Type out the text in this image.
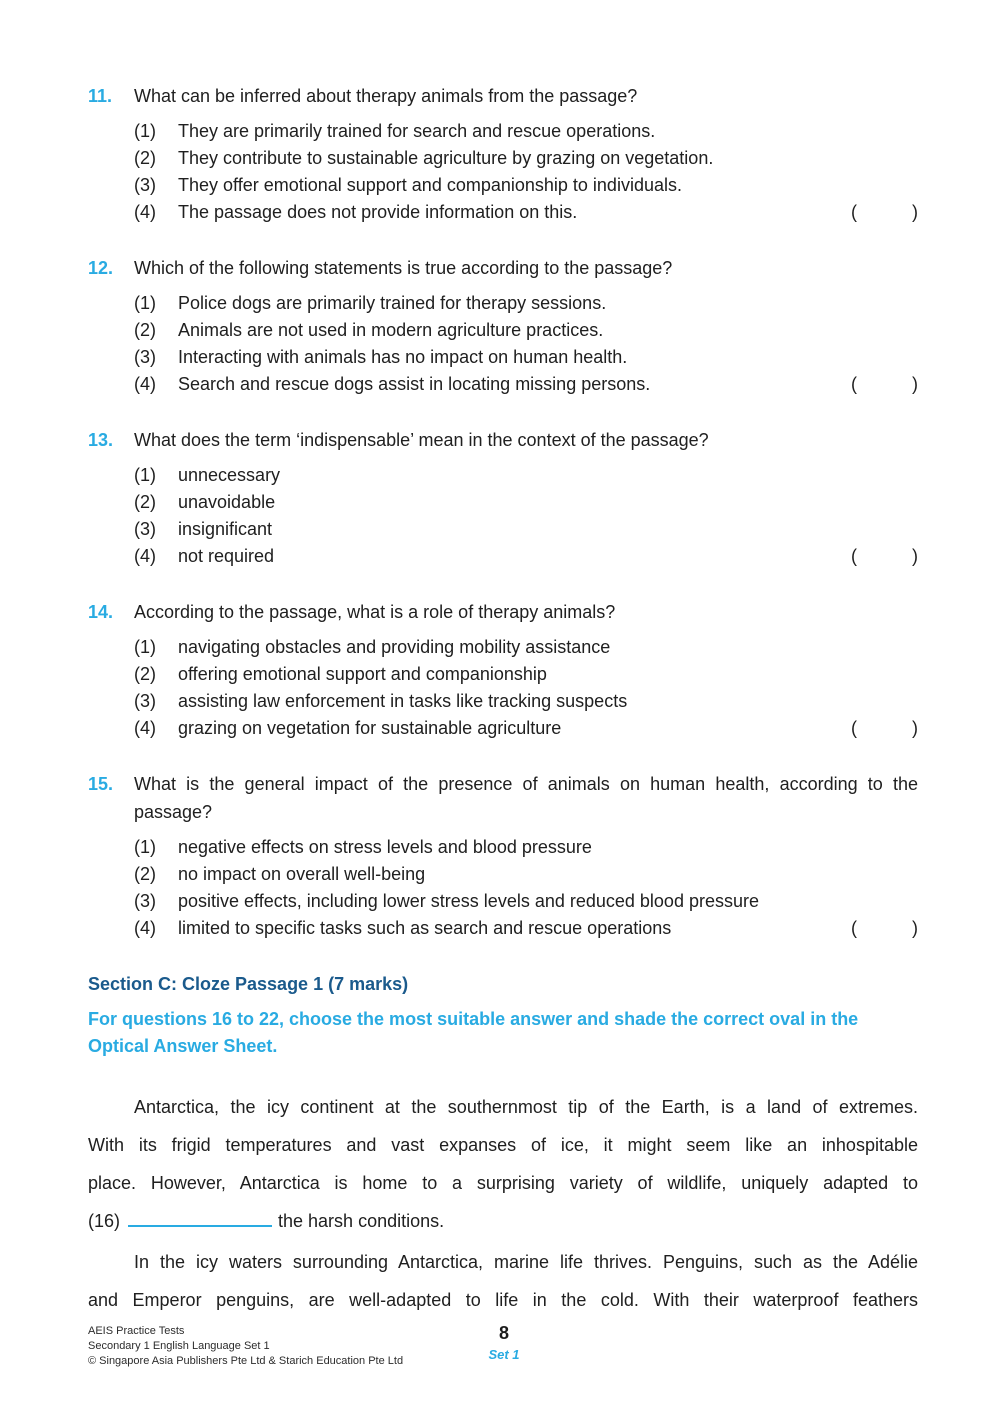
11.	What can be inferred about therapy animals from the passage?
(1)	They are primarily trained for search and rescue operations.
(2)	They contribute to sustainable agriculture by grazing on vegetation.
(3)	They offer emotional support and companionship to individuals.
(4)	The passage does not provide information on this.	(	)
12.	Which of the following statements is true according to the passage?
(1)	Police dogs are primarily trained for therapy sessions.
(2)	Animals are not used in modern agriculture practices.
(3)	Interacting with animals has no impact on human health.
(4)	Search and rescue dogs assist in locating missing persons.	(	)
13.	What does the term ‘indispensable’ mean in the context of the passage?
(1)	unnecessary
(2)	unavoidable
(3)	insignificant
(4)	not required	(	)
14.	According to the passage, what is a role of therapy animals?
(1)	navigating obstacles and providing mobility assistance
(2)	offering emotional support and companionship
(3)	assisting law enforcement in tasks like tracking suspects
(4)	grazing on vegetation for sustainable agriculture	(	)
15.	What is the general impact of the presence of animals on human health, according to the
passage?
(1)	negative effects on stress levels and blood pressure
(2)	no impact on overall well-being
(3)	positive effects, including lower stress levels and reduced blood pressure
(4)	limited to specific tasks such as search and rescue operations	(	)
Section C: Cloze Passage 1 (7 marks)
For questions 16 to 22, choose the most suitable answer and shade the correct oval in the Optical Answer Sheet.
Antarctica, the icy continent at the southernmost tip of the Earth, is a land of extremes.
With its frigid temperatures and vast expanses of ice, it might seem like an inhospitable
place. However, Antarctica is home to a surprising variety of wildlife, uniquely adapted to
(16)	the harsh conditions.
In the icy waters surrounding Antarctica, marine life thrives. Penguins, such as the Adélie
and Emperor penguins, are well-adapted to life in the cold. With their waterproof feathers
AEIS Practice Tests
Secondary 1 English Language Set 1
© Singapore Asia Publishers Pte Ltd & Starich Education Pte Ltd
8
Set 1
